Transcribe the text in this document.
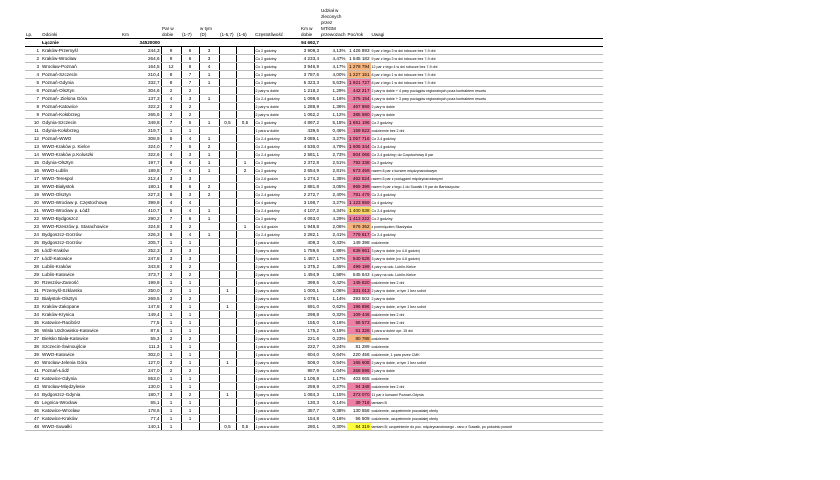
Lp.	Odcinki	Km	Par w dobie	(1-7)	w tym
(D)	(1-5,7)	(1-6)	Częstotliwość	Km w dobie	Udział w zleconych przez MTiGM przewozach	Poc/rok	Uwagi
	Łącznie	34520000							94 692,7			
1	Kraków-Przemyśl	244,3	9	6	3			Co 2 godziny	3 909,3	4,13%	1 426 893	9 par z tego 3 w dni robocze bez 7-9 dni
2	Kraków-Wrocław	264,6	9	6	3			Co 2 godziny	4 233,4	4,47%	1 545 182	9 par z tego 3 w dni robocze bez 7-9 dni
3	Wrocław-Poznań	164,5	12	8	4			Co 1 godzinę	3 946,9	4,17%	1 278 794	12 par z tego 4 w dni robocze bez 7-9 dni
4	Poznań-Szczecin	210,4	8	7	1			Co 2 godziny	3 787,6	4,00%	1 227 151	8 par z tego 1 w dni robocze bez 7-9 dni
5	Poznań-Gdynia	332,7	8	7	1			Co 2 godziny	5 323,3	5,63%	1 921 727	8 par z tego 1 w dni robocze bez 7-9 dni
6	Poznań-Olsztyn	304,6	2	2				2 pary w dobie	1 218,2	1,29%	442 217	2 pary w dobie + 4 pary pociągów regionalnych poza kontraktem resortu
7	Poznań- Zielona Góra	137,3	4	3	1			Co 2-4 godziny	1 098,6	1,16%	375 154	4 pary w dobie + 3 pary pociągów regionalnych poza kontraktem resortu
8	Poznań-Katowice	322,2	2	2				2 pary w dobie	1 288,9	1,36%	467 869	2 pary w dobie
9	Poznań-Kołobrzeg	265,6	2	2				2 pary w dobie	1 062,2	1,12%	385 580	2 pary w dobie
10	Gdynia-Szczecin	349,8	7	5	1	0,5	0,5	Co 2 godziny	4 897,2	5,18%	1 651 196	Co 2 godziny
11	Gdynia-Kołobrzeg	219,7	1	1				1 para w dobie	439,5	0,46%	159 522	codziennie bez 2 dni
12	Poznań-WWO	308,9	5	4	1			Co 2-4 godziny	3 089,1	3,27%	1 057 716	Co 2-4 godziny
13	WWO-Kraków p. Kielce	324,0	7	5	2			Co 2-4 godziny	4 536,0	4,79%	1 605 344	Co 2-4 godziny
14	WWO-Kraków p.Koluszki	322,6	4	3	1			Co 2-4 godziny	2 581,1	2,73%	804 066	Co 2-4 godziny; do Częstochowy 8 par
15	Gdynia-Olsztyn	197,7	6	4	1		1	Co 2 godziny	2 372,8	2,51%	792 338	Co 2 godziny
16	WWO-Lublin	189,8	7	4	1		2	Co 2 godziny	2 654,9	2,81%	873 459	razem 8 par z kursem międzynarodowym
17	WWO-Terespol	212,4	3	3				Co 2-6 godzin	1 274,2	1,35%	462 524	razem 5 par z pociągami międzynarodowymi
18	WWO-Białystok	180,1	8	6	2			Co 2 godziny	2 881,8	3,05%	965 399	razem 9 par z tego 1 do Suwałk i 9 par do Bartoszyców
19	WWO-Olsztyn	227,3	5	3	2			Co 2-4 godziny	2 272,7	2,40%	781 479	Co 2-4 godziny
20	WWO-Wrocław p. Częstochowę	399,8	4	4				Co 4 godziny	3 198,7	3,27%	1 123 559	Co 4 godziny
21	WWO-Wrocław p. Łódź	410,7	5	4	1			Co 2-4 godziny	4 107,2	4,34%	1 400 538	Co 2-4 godziny
22	WWO-Bydgoszcz	290,2	7	6	1			Co 2 godziny	4 063,0	4,29%	1 413 222	Co 2 godziny
23	WWO-Rzeszów p. Starachowice	324,8	3	2			1	Co 4-6 godzin	1 948,8	2,06%	676 352	z pominięciem Skarżyska
24	Bydgoszcz-Gorzów	226,3	5	4	1			Co 2-4 godziny	2 282,1	2,41%	779 617	Co 2-4 godziny
25	Bydgoszcz-Gorzów	205,7	1	1				1 para w dobie	409,3	0,43%	149 398	codziennie
26	Łódź-Kraków	252,3	3	3				3 pary w dobie	1 759,5	1,86%	638 661	3 pary w dobie (co 4-6 godzin)
27	Łódź-Katowice	247,8	3	3				3 pary w dobie	1 487,1	1,57%	540 528	3 pary w dobie (co 4-6 godzin)
28	Lublin-Kraków	343,8	2	2				2 pary w dobie	1 375,2	1,45%	499 199	4 pary na odc. Lublin-Kielce
29	Lublin-Katowice	373,7	2	2				2 pary w dobie	1 494,9	1,58%	545 643	4 pary na odc. Lublin-Kielce
30	Rzeszów-Zamość	199,8	1	1				1 para w dobie	399,5	0,42%	145 820	codziennie bez 2 dni
31	Przemyśl-Szklarsko	250,0	2	1		1		2 pary w dobie	1 000,1	1,06%	331 013	2 pary w dobie, w tym 1 bez sobót
32	Białystok-Olsztyn	269,5	2	2				2 pary w dobie	1 078,1	1,14%	393 502	2 pary w dobie
33	Kraków-Zakopane	147,8	2	1		1		2 pary w dobie	591,0	0,62%	196 896	2 pary w dobie, w tym 1 bez sobót
34	Kraków-Krynica	149,4	1	1				1 para w dobie	298,8	0,32%	109 446	codziennie bez 2 dni
35	Katowice-Racibórz	77,5	1	1				1 para w dobie	155,0	0,16%	56 573	codziennie bez 2 dni
36	Wisła Uzdrowisko-Katowice	87,6	1	1				1 para w dobie	175,2	0,19%	61 328	1 para w dobie opr. 15 dni
37	Bielsko Biała-Katowice	55,3	2	2				2 pary w dobie	221,6	0,23%	80 788	codziennie
38	Szczecin-Świnoujście	111,3	1	1				1 para w dobie	222,7	0,24%	81 289	codziennie
39	WWO-Katowice	302,0	1	1				1 para w dobie	604,0	0,64%	220 456	codziennie, 1 para przez CMK
40	Wrocław-Jelenia Góra	127,0	2	1		1		2 pary w dobie	508,0	0,54%	165 608	2 pary w dobie, w tym 1 bez sobót
41	Poznań-Łódź	247,0	2	2				2 pary w dobie	987,9	1,04%	358 596	2 pary w dobie
42	Katowice-Gdynia	553,0	1	1				1 para w dobie	1 105,9	1,17%	403 665	codziennie
43	Wrocław-Międzylesie	130,0	1	1				1 para w dobie	259,9	0,27%	94 348	codziennie bez 2 dni
44	Bydgoszcz-Gdynia	180,7	3	2		1		3 pary w dobie	1 084,3	1,15%	373 070	11 par z kursami Poznań-Gdynia
45	Legnica-Wrocław	65,1	1	1				1 para w dobie	130,3	0,14%	39 716	tamtam B
46	Katowice-Wrocław	178,6	1	1				1 para w dobie	357,7	0,38%	130 556	codziennie, uzupełnienie pozostałej oferty
47	Katowice-Kraków	77,4	1	1				1 para w dobie	154,8	0,16%	56 509	codziennie, uzupełnienie pozostałej oferty
48	WWO-Suwałki	140,1	1			0,5	0,5	1 para w dobie	280,1	0,30%	84 319	tamtam B; uzupełnienie do poc. międzynarodowego - rano z Suwałk, po południu powrót
